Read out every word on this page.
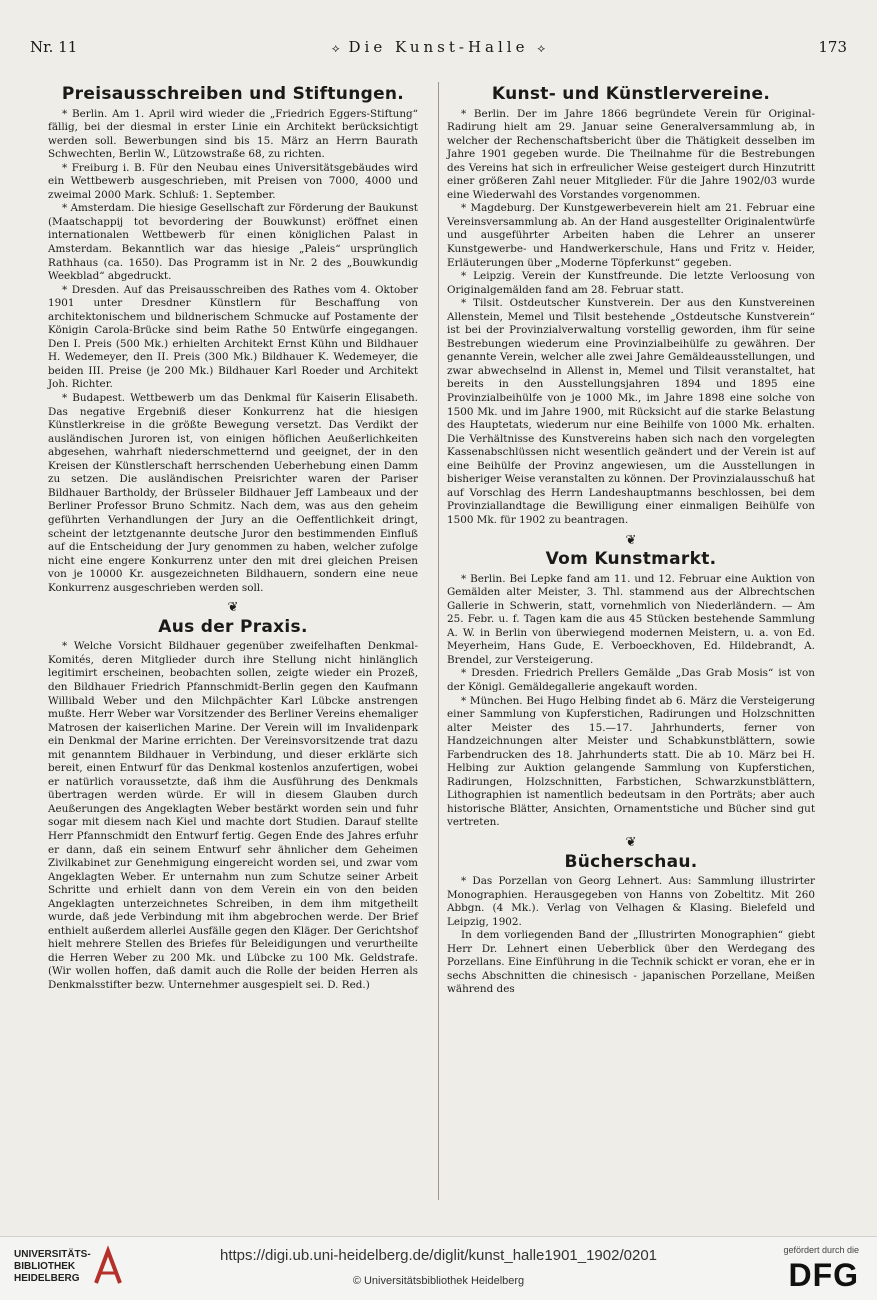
Nr. 11	⟡ Die Kunst-Halle ⟡	173
Preisausschreiben und Stiftungen.

* Berlin. Am 1. April wird wieder die „Friedrich Eggers-Stiftung“ fällig, bei der diesmal in erster Linie ein Architekt berücksichtigt werden soll. Bewerbungen sind bis 15. März an Herrn Baurath Schwechten, Berlin W., Lützowstraße 68, zu richten.

* Freiburg i. B. Für den Neubau eines Universitätsgebäudes wird ein Wettbewerb ausgeschrieben, mit Preisen von 7000, 4000 und zweimal 2000 Mark. Schluß: 1. September.

* Amsterdam. Die hiesige Gesellschaft zur Förderung der Baukunst (Maatschappij tot bevordering der Bouwkunst) eröffnet einen internationalen Wettbewerb für einen königlichen Palast in Amsterdam. Bekanntlich war das hiesige „Paleis“ ursprünglich Rathhaus (ca. 1650). Das Programm ist in Nr. 2 des „Bouwkundig Weekblad“ abgedruckt.

* Dresden. Auf das Preisausschreiben des Rathes vom 4. Oktober 1901 unter Dresdner Künstlern für Beschaffung von architektonischem und bildnerischem Schmucke auf Postamente der Königin Carola-Brücke sind beim Rathe 50 Entwürfe eingegangen. Den I. Preis (500 Mk.) erhielten Architekt Ernst Kühn und Bildhauer H. Wedemeyer, den II. Preis (300 Mk.) Bildhauer K. Wedemeyer, die beiden III. Preise (je 200 Mk.) Bildhauer Karl Roeder und Architekt Joh. Richter.

* Budapest. Wettbewerb um das Denkmal für Kaiserin Elisabeth. Das negative Ergebniß dieser Konkurrenz hat die hiesigen Künstlerkreise in die größte Bewegung versetzt. Das Verdikt der ausländischen Juroren ist, von einigen höflichen Aeußerlichkeiten abgesehen, wahrhaft niederschmetternd und geeignet, der in den Kreisen der Künstlerschaft herrschenden Ueberhebung einen Damm zu setzen. Die ausländischen Preisrichter waren der Pariser Bildhauer Bartholdy, der Brüsseler Bildhauer Jeff Lambeaux und der Berliner Professor Bruno Schmitz. Nach dem, was aus den geheim geführten Verhandlungen der Jury an die Oeffentlichkeit dringt, scheint der letztgenannte deutsche Juror den bestimmenden Einfluß auf die Entscheidung der Jury genommen zu haben, welcher zufolge nicht eine engere Konkurrenz unter den mit drei gleichen Preisen von je 10000 Kr. ausgezeichneten Bildhauern, sondern eine neue Konkurrenz ausgeschrieben werden soll.

❦
Aus der Praxis.

* Welche Vorsicht Bildhauer gegenüber zweifelhaften Denkmal-Komités, deren Mitglieder durch ihre Stellung nicht hinlänglich legitimirt erscheinen, beobachten sollen, zeigte wieder ein Prozeß, den Bildhauer Friedrich Pfannschmidt-Berlin gegen den Kaufmann Willibald Weber und den Milchpächter Karl Lübcke anstrengen mußte. Herr Weber war Vorsitzender des Berliner Vereins ehemaliger Matrosen der kaiserlichen Marine. Der Verein will im Invalidenpark ein Denkmal der Marine errichten. Der Vereinsvorsitzende trat dazu mit genanntem Bildhauer in Verbindung, und dieser erklärte sich bereit, einen Entwurf für das Denkmal kostenlos anzufertigen, wobei er natürlich voraussetzte, daß ihm die Ausführung des Denkmals übertragen werden würde. Er will in diesem Glauben durch Aeußerungen des Angeklagten Weber bestärkt worden sein und fuhr sogar mit diesem nach Kiel und machte dort Studien. Darauf stellte Herr Pfannschmidt den Entwurf fertig. Gegen Ende des Jahres erfuhr er dann, daß ein seinem Entwurf sehr ähnlicher dem Geheimen Zivilkabinet zur Genehmigung eingereicht worden sei, und zwar vom Angeklagten Weber. Er unternahm nun zum Schutze seiner Arbeit Schritte und erhielt dann von dem Verein ein von den beiden Angeklagten unterzeichnetes Schreiben, in dem ihm mitgetheilt wurde, daß jede Verbindung mit ihm abgebrochen werde. Der Brief enthielt außerdem allerlei Ausfälle gegen den Kläger. Der Gerichtshof hielt mehrere Stellen des Briefes für Beleidigungen und verurtheilte die Herren Weber zu 200 Mk. und Lübcke zu 100 Mk. Geldstrafe. (Wir wollen hoffen, daß damit auch die Rolle der beiden Herren als Denkmalsstifter bezw. Unternehmer ausgespielt sei. D. Red.)

Kunst- und Künstlervereine.

* Berlin. Der im Jahre 1866 begründete Verein für Original-Radirung hielt am 29. Januar seine Generalversammlung ab, in welcher der Rechenschaftsbericht über die Thätigkeit desselben im Jahre 1901 gegeben wurde. Die Theilnahme für die Bestrebungen des Vereins hat sich in erfreulicher Weise gesteigert durch Hinzutritt einer größeren Zahl neuer Mitglieder. Für die Jahre 1902/03 wurde eine Wiederwahl des Vorstandes vorgenommen.

* Magdeburg. Der Kunstgewerbeverein hielt am 21. Februar eine Vereinsversammlung ab. An der Hand ausgestellter Originalentwürfe und ausgeführter Arbeiten haben die Lehrer an unserer Kunstgewerbe- und Handwerkerschule, Hans und Fritz v. Heider, Erläuterungen über „Moderne Töpferkunst“ gegeben.

* Leipzig. Verein der Kunstfreunde. Die letzte Verloosung von Originalgemälden fand am 28. Februar statt.

* Tilsit. Ostdeutscher Kunstverein. Der aus den Kunstvereinen Allenstein, Memel und Tilsit bestehende „Ostdeutsche Kunstverein“ ist bei der Provinzialverwaltung vorstellig geworden, ihm für seine Bestrebungen wiederum eine Provinzialbeihülfe zu gewähren. Der genannte Verein, welcher alle zwei Jahre Gemäldeausstellungen, und zwar abwechselnd in Allenst in, Memel und Tilsit veranstaltet, hat bereits in den Ausstellungsjahren 1894 und 1895 eine Provinzialbeihülfe von je 1000 Mk., im Jahre 1898 eine solche von 1500 Mk. und im Jahre 1900, mit Rücksicht auf die starke Belastung des Hauptetats, wiederum nur eine Beihilfe von 1000 Mk. erhalten. Die Verhältnisse des Kunstvereins haben sich nach den vorgelegten Kassenabschlüssen nicht wesentlich geändert und der Verein ist auf eine Beihülfe der Provinz angewiesen, um die Ausstellungen in bisheriger Weise veranstalten zu können. Der Provinzialausschuß hat auf Vorschlag des Herrn Landeshauptmanns beschlossen, bei dem Provinziallandtage die Bewilligung einer einmaligen Beihülfe von 1500 Mk. für 1902 zu beantragen.

❦
Vom Kunstmarkt.

* Berlin. Bei Lepke fand am 11. und 12. Februar eine Auktion von Gemälden alter Meister, 3. Thl. stammend aus der Albrechtschen Gallerie in Schwerin, statt, vornehmlich von Niederländern. — Am 25. Febr. u. f. Tagen kam die aus 45 Stücken bestehende Sammlung A. W. in Berlin von überwiegend modernen Meistern, u. a. von Ed. Meyerheim, Hans Gude, E. Verboeckhoven, Ed. Hildebrandt, A. Brendel, zur Versteigerung.

* Dresden. Friedrich Prellers Gemälde „Das Grab Mosis“ ist von der Königl. Gemäldegallerie angekauft worden.

* München. Bei Hugo Helbing findet ab 6. März die Versteigerung einer Sammlung von Kupferstichen, Radirungen und Holzschnitten alter Meister des 15.—17. Jahrhunderts, ferner von Handzeichnungen alter Meister und Schabkunstblättern, sowie Farbendrucken des 18. Jahrhunderts statt. Die ab 10. März bei H. Helbing zur Auktion gelangende Sammlung von Kupferstichen, Radirungen, Holzschnitten, Farbstichen, Schwarzkunstblättern, Lithographien ist namentlich bedeutsam in den Porträts; aber auch historische Blätter, Ansichten, Ornamentstiche und Bücher sind gut vertreten.

❦
Bücherschau.

* Das Porzellan von Georg Lehnert. Aus: Sammlung illustrirter Monographien. Herausgegeben von Hanns von Zobeltitz. Mit 260 Abbgn. (4 Mk.). Verlag von Velhagen & Klasing. Bielefeld und Leipzig, 1902.

In dem vorliegenden Band der „Illustrirten Monographien“ giebt Herr Dr. Lehnert einen Ueberblick über den Werdegang des Porzellans. Eine Einführung in die Technik schickt er voran, ehe er in sechs Abschnitten die chinesisch - japanischen Porzellane, Meißen während des

UNIVERSITÄTS-
BIBLIOTHEK
HEIDELBERG
https://digi.ub.uni-heidelberg.de/diglit/kunst_halle1901_1902/0201
© Universitätsbibliothek Heidelberg
gefördert durch die
DFG
